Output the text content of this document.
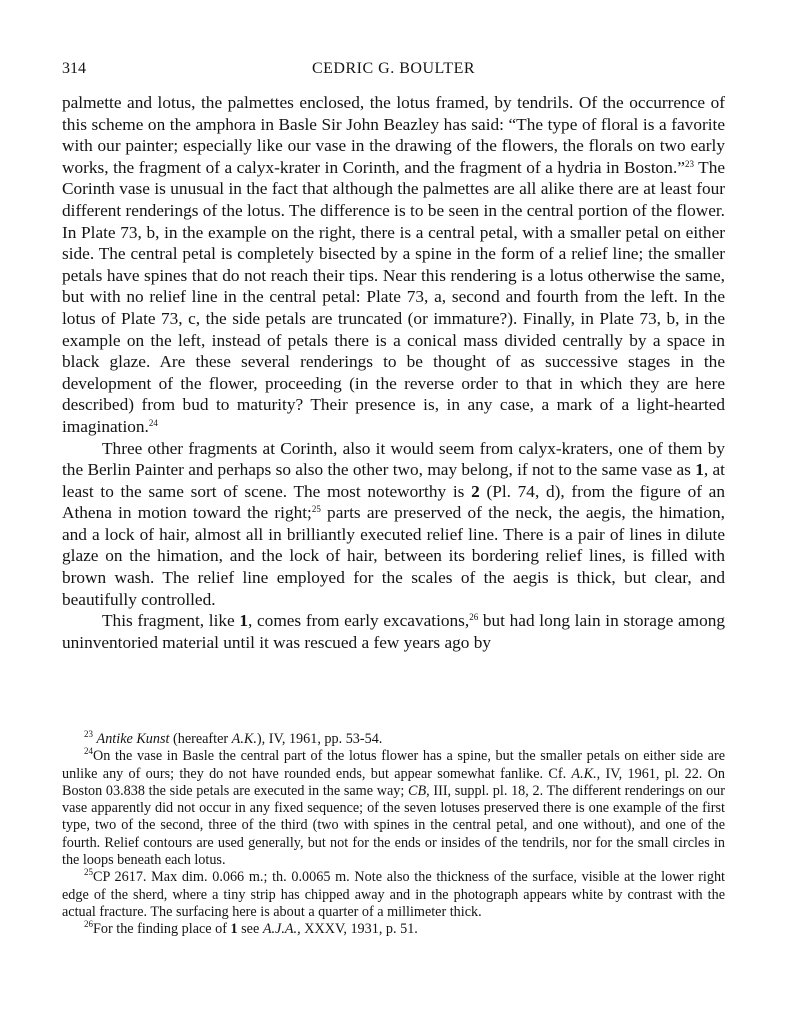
314	CEDRIC G. BOULTER

palmette and lotus, the palmettes enclosed, the lotus framed, by tendrils. Of the occurrence of this scheme on the amphora in Basle Sir John Beazley has said: “The type of floral is a favorite with our painter; especially like our vase in the drawing of the flowers, the florals on two early works, the fragment of a calyx-krater in Corinth, and the fragment of a hydria in Boston.”$^{23}$ The Corinth vase is unusual in the fact that although the palmettes are all alike there are at least four different renderings of the lotus. The difference is to be seen in the central portion of the flower. In Plate 73, b, in the example on the right, there is a central petal, with a smaller petal on either side. The central petal is completely bisected by a spine in the form of a relief line; the smaller petals have spines that do not reach their tips. Near this rendering is a lotus otherwise the same, but with no relief line in the central petal: Plate 73, a, second and fourth from the left. In the lotus of Plate 73, c, the side petals are truncated (or immature?). Finally, in Plate 73, b, in the example on the left, instead of petals there is a conical mass divided centrally by a space in black glaze. Are these several renderings to be thought of as successive stages in the development of the flower, proceeding (in the reverse order to that in which they are here described) from bud to maturity? Their presence is, in any case, a mark of a light-hearted imagination.$^{24}$

Three other fragments at Corinth, also it would seem from calyx-kraters, one of them by the Berlin Painter and perhaps so also the other two, may belong, if not to the same vase as 1, at least to the same sort of scene. The most noteworthy is 2 (Pl. 74, d), from the figure of an Athena in motion toward the right;$^{25}$ parts are preserved of the neck, the aegis, the himation, and a lock of hair, almost all in brilliantly executed relief line. There is a pair of lines in dilute glaze on the himation, and the lock of hair, between its bordering relief lines, is filled with brown wash. The relief line employed for the scales of the aegis is thick, but clear, and beautifully controlled.

This fragment, like 1, comes from early excavations,$^{26}$ but had long lain in storage among uninventoried material until it was rescued a few years ago by

$^{23}$ Antike Kunst (hereafter A.K.), IV, 1961, pp. 53-54.

$^{24}$On the vase in Basle the central part of the lotus flower has a spine, but the smaller petals on either side are unlike any of ours; they do not have rounded ends, but appear somewhat fanlike. Cf. A.K., IV, 1961, pl. 22. On Boston 03.838 the side petals are executed in the same way; CB, III, suppl. pl. 18, 2. The different renderings on our vase apparently did not occur in any fixed sequence; of the seven lotuses preserved there is one example of the first type, two of the second, three of the third (two with spines in the central petal, and one without), and one of the fourth. Relief contours are used generally, but not for the ends or insides of the tendrils, nor for the small circles in the loops beneath each lotus.

$^{25}$CP 2617. Max dim. 0.066 m.; th. 0.0065 m. Note also the thickness of the surface, visible at the lower right edge of the sherd, where a tiny strip has chipped away and in the photograph appears white by contrast with the actual fracture. The surfacing here is about a quarter of a millimeter thick.

$^{26}$For the finding place of 1 see A.J.A., XXXV, 1931, p. 51.
